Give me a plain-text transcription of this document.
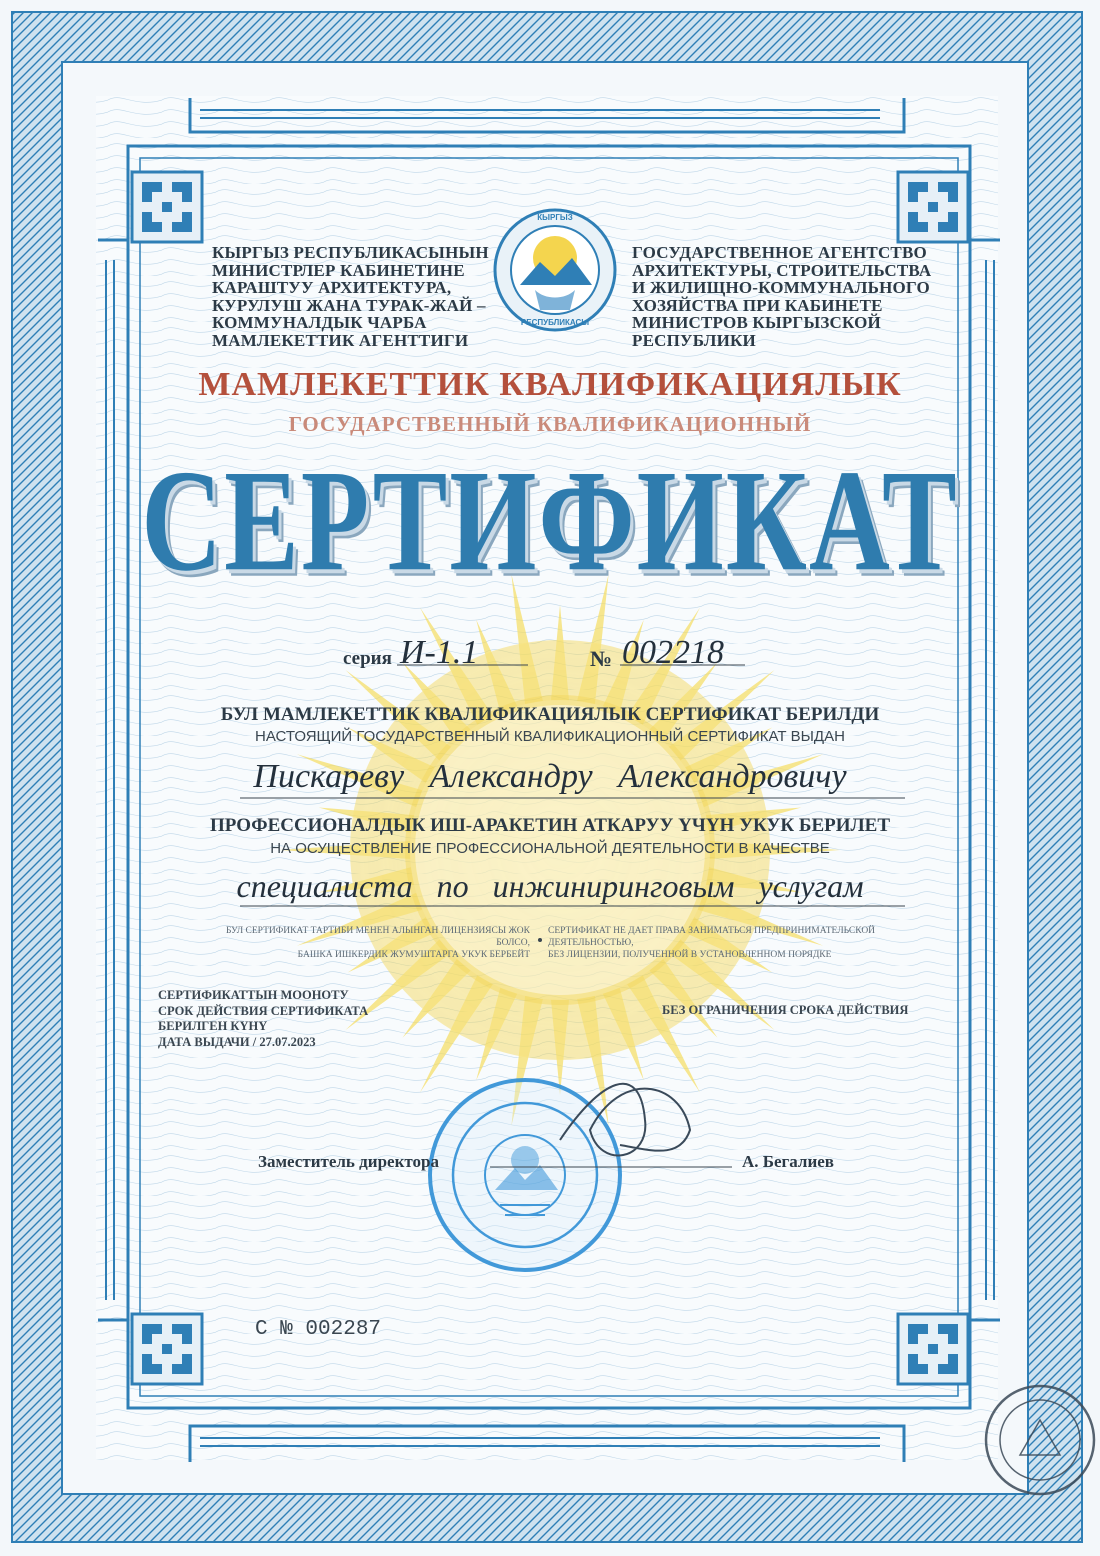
КЫРГЫЗ РЕСПУБЛИКАСЫНЫН
МИНИСТРЛЕР КАБИНЕТИНЕ
КАРАШТУУ АРХИТЕКТУРА,
КУРУЛУШ ЖАНА ТУРАК-ЖАЙ –
КОММУНАЛДЫК ЧАРБА
МАМЛЕКЕТТИК АГЕНТТИГИ
ГОСУДАРСТВЕННОЕ АГЕНТСТВО
АРХИТЕКТУРЫ, СТРОИТЕЛЬСТВА
И ЖИЛИЩНО-КОММУНАЛЬНОГО
ХОЗЯЙСТВА ПРИ КАБИНЕТЕ
МИНИСТРОВ КЫРГЫЗСКОЙ
РЕСПУБЛИКИ
КЫРГЫЗ
РЕСПУБЛИКАСЫ
МАМЛЕКЕТТИК КВАЛИФИКАЦИЯЛЫК
ГОСУДАРСТВЕННЫЙ КВАЛИФИКАЦИОННЫЙ
СЕРТИФИКАТ
серия И-1.1	№ 002218
БУЛ МАМЛЕКЕТТИК КВАЛИФИКАЦИЯЛЫК СЕРТИФИКАТ БЕРИЛДИ
НАСТОЯЩИЙ ГОСУДАРСТВЕННЫЙ КВАЛИФИКАЦИОННЫЙ СЕРТИФИКАТ ВЫДАН
Пискареву   Александру   Александровичу
ПРОФЕССИОНАЛДЫК ИШ-АРАКЕТИН АТКАРУУ ҮЧҮН УКУК БЕРИЛЕТ
НА ОСУЩЕСТВЛЕНИЕ ПРОФЕССИОНАЛЬНОЙ ДЕЯТЕЛЬНОСТИ В КАЧЕСТВЕ
специалиста   по   инжиниринговым   услугам
БУЛ СЕРТИФИКАТ ТАРТИБИ МЕНЕН АЛЫНГАН ЛИЦЕНЗИЯСЫ ЖОК БОЛСО,
БАШКА ИШКЕРДИК ЖУМУШТАРГА УКУК БЕРБЕЙТ
СЕРТИФИКАТ НЕ ДАЕТ ПРАВА ЗАНИМАТЬСЯ ПРЕДПРИНИМАТЕЛЬСКОЙ ДЕЯТЕЛЬНОСТЬЮ,
БЕЗ ЛИЦЕНЗИИ, ПОЛУЧЕННОЙ В УСТАНОВЛЕННОМ ПОРЯДКЕ
СЕРТИФИКАТТЫН МООНОТУ
СРОК ДЕЙСТВИЯ СЕРТИФИКАТА
БЕРИЛГЕН КҮНҮ
ДАТА ВЫДАЧИ / 27.07.2023
БЕЗ ОГРАНИЧЕНИЯ СРОКА ДЕЙСТВИЯ
Заместитель директора	А. Бегалиев
С № 002287
